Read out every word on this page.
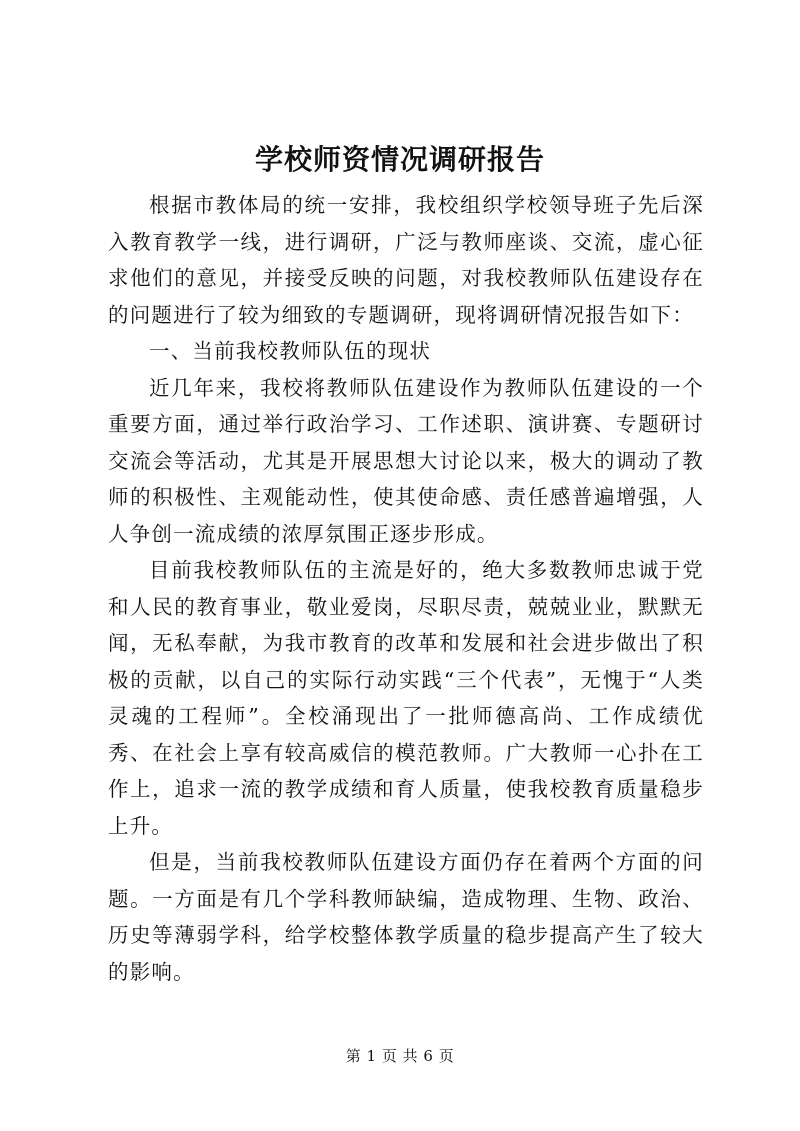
学校师资情况调研报告

根据市教体局的统一安排，我校组织学校领导班子先后深入教育教学一线，进行调研，广泛与教师座谈、交流，虚心征求他们的意见，并接受反映的问题，对我校教师队伍建设存在的问题进行了较为细致的专题调研，现将调研情况报告如下：

一、当前我校教师队伍的现状

近几年来，我校将教师队伍建设作为教师队伍建设的一个重要方面，通过举行政治学习、工作述职、演讲赛、专题研讨交流会等活动，尤其是开展思想大讨论以来，极大的调动了教师的积极性、主观能动性，使其使命感、责任感普遍增强，人人争创一流成绩的浓厚氛围正逐步形成。

目前我校教师队伍的主流是好的，绝大多数教师忠诚于党和人民的教育事业，敬业爱岗，尽职尽责，兢兢业业，默默无闻，无私奉献，为我市教育的改革和发展和社会进步做出了积极的贡献，以自己的实际行动实践“三个代表”，无愧于“人类灵魂的工程师”。全校涌现出了一批师德高尚、工作成绩优秀、在社会上享有较高威信的模范教师。广大教师一心扑在工作上，追求一流的教学成绩和育人质量，使我校教育质量稳步上升。

但是，当前我校教师队伍建设方面仍存在着两个方面的问题。一方面是有几个学科教师缺编，造成物理、生物、政治、历史等薄弱学科，给学校整体教学质量的稳步提高产生了较大的影响。

第 1 页 共 6 页
